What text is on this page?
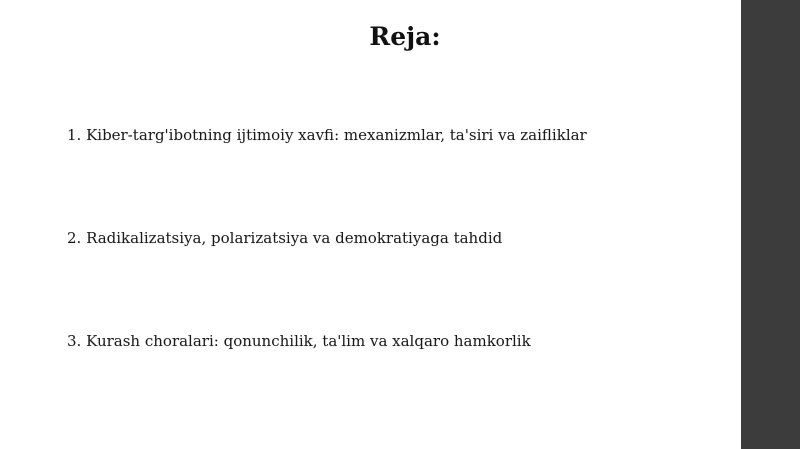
Reja:
1. Kiber-targ'ibotning ijtimoiy xavfi: mexanizmlar, ta'siri va zaifliklar
2. Radikalizatsiya, polarizatsiya va demokratiyaga tahdid
3. Kurash choralari: qonunchilik, ta'lim va xalqaro hamkorlik
